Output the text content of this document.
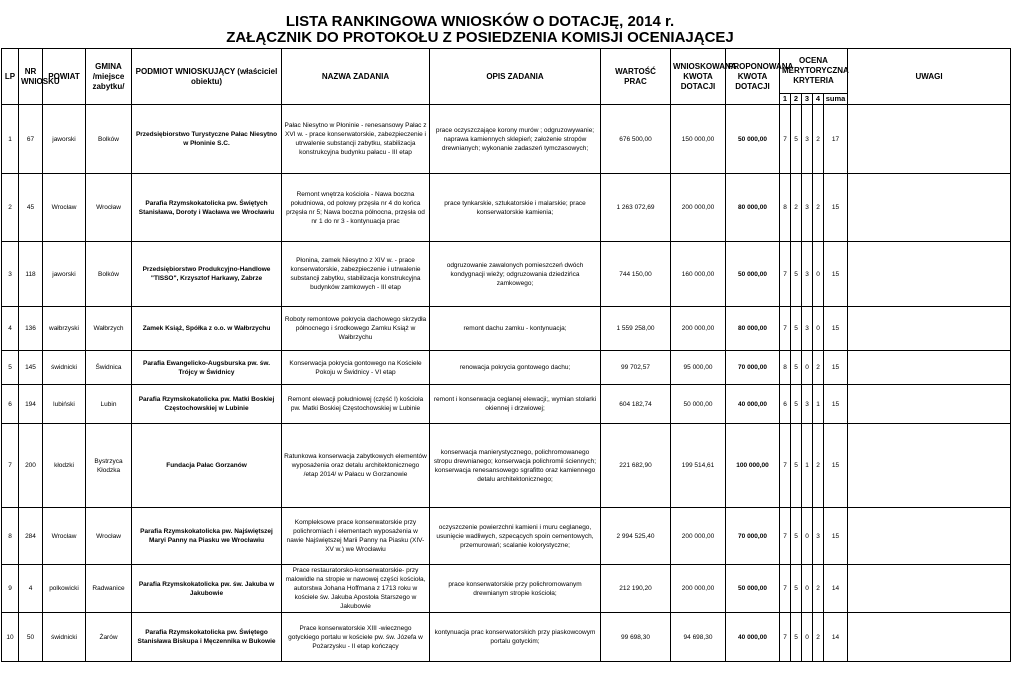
LISTA RANKINGOWA WNIOSKÓW O DOTACJĘ, 2014 r.
ZAŁĄCZNIK DO PROTOKOŁU Z POSIEDZENIA KOMISJI OCENIAJĄCEJ
LP	NR WNIOSKU	POWIAT	GMINA /miejsce zabytku/	PODMIOT WNIOSKUJĄCY (właściciel obiektu)	NAZWA ZADANIA	OPIS ZADANIA	WARTOŚĆ PRAC	WNIOSKOWANA KWOTA DOTACJI	PROPONOWANA KWOTA DOTACJI	OCENA MERYTORYCZNA KRYTERIA					UWAGI
										1	2	3	4	suma	
1	67	jaworski	Bolków	Przedsiębiorstwo Turystyczne Pałac Niesytno w Płoninie S.C.	Pałac Niesytno w Płoninie - renesansowy Pałac z XVI w. - prace konserwatorskie, zabezpieczenie i utrwalenie substancji zabytku, stabilizacja konstrukcyjna budynku pałacu - III etap	prace oczyszczające korony murów ; odgruzowywanie; naprawa kamiennych sklepień; założenie stropów drewnianych; wykonanie zadaszeń tymczasowych;	676 500,00	150 000,00	50 000,00	7	5	3	2	17	
2	45	Wrocław	Wrocław	Parafia Rzymskokatolicka pw. Świętych Stanisława, Doroty i Wacława we Wrocławiu	Remont wnętrza kościoła - Nawa boczna południowa, od połowy przęsła nr 4 do końca przęsła nr 5; Nawa boczna północna, przęsła od nr 1 do nr 3 - kontynuacja prac	prace tynkarskie, sztukatorskie i malarskie; prace konserwatorskie kamienia;	1 263 072,69	200 000,00	80 000,00	8	2	3	2	15	
3	118	jaworski	Bolków	Przedsiębiorstwo Produkcyjno-Handlowe "TISSO", Krzysztof Harkawy, Zabrze	Płonina, zamek Niesytno z XIV w. - prace konserwatorskie, zabezpieczenie i utrwalenie substancji zabytku, stabilizacja konstrukcyjna budynków zamkowych - III etap	odgruzowanie zawalonych pomieszczeń dwóch kondygnacji wieży; odgruzowania dziedzińca zamkowego;	744 150,00	160 000,00	50 000,00	7	5	3	0	15	
4	136	wałbrzyski	Wałbrzych	Zamek Książ, Spółka z o.o. w Wałbrzychu	Roboty remontowe pokrycia dachowego skrzydła północnego i środkowego Zamku Książ w Wałbrzychu	remont dachu zamku - kontynuacja;	1 559 258,00	200 000,00	80 000,00	7	5	3	0	15	
5	145	świdnicki	Świdnica	Parafia Ewangelicko-Augsburska pw. św. Trójcy w Świdnicy	Konserwacja pokrycia gontowego na Kościele Pokoju w Świdnicy - VI etap	renowacja pokrycia gontowego dachu;	99 702,57	95 000,00	70 000,00	8	5	0	2	15	
6	194	lubiński	Lubin	Parafia Rzymskokatolicka pw. Matki Boskiej Częstochowskiej w Lubinie	Remont elewacji południowej (część I) kościoła pw. Matki Boskiej Częstochowskiej w Lubinie	remont i konserwacja ceglanej elewacji;, wymian stolarki okiennej i drzwiowej;	604 182,74	50 000,00	40 000,00	6	5	3	1	15	
7	200	kłodzki	Bystrzyca Kłodzka	Fundacja Pałac Gorzanów	Ratunkowa konserwacja zabytkowych elementów wyposażenia oraz detalu architektonicznego /etap 2014/ w Pałacu w Gorzanowie	konserwacja manierystycznego, polichromowanego stropu drewnianego; konserwacja polichromii ściennych; konserwacja renesansowego sgrafitto oraz kamiennego detalu architektonicznego;	221 682,90	199 514,61	100 000,00	7	5	1	2	15	
8	284	Wrocław	Wrocław	Parafia Rzymskokatolicka pw. Najświętszej Maryi Panny na Piasku we Wrocławiu	Kompleksowe prace konserwatorskie przy polichromiach i elementach wyposażenia w nawie Najświętszej Marii Panny na Piasku (XIV-XV w.) we Wrocławiu	oczyszczenie powierzchni kamieni i muru ceglanego, usunięcie wadliwych, szpecących spoin cementowych, przemurowań; scalanie kolorystyczne;	2 994 525,40	200 000,00	70 000,00	7	5	0	3	15	
9	4	polkowicki	Radwanice	Parafia Rzymskokatolicka pw. św. Jakuba w Jakubowie	Prace restauratorsko-konserwatorskie- przy malowidle na stropie w nawowej części kościoła, autorstwa Johana Hoffmana z 1713 roku w kościele św. Jakuba Apostoła Starszego w Jakubowie	prace konserwatorskie przy polichromowanym drewnianym stropie kościoła;	212 190,20	200 000,00	50 000,00	7	5	0	2	14	
10	50	świdnicki	Żarów	Parafia Rzymskokatolicka pw. Świętego Stanisława Biskupa i Męczennika w Bukowie	Prace konserwatorskie XIII -wiecznego gotyckiego portalu w kościele pw. św. Józefa w Pożarzysku - II etap kończący	kontynuacja prac konserwatorskich przy piaskowcowym portalu gotyckim;	99 698,30	94 698,30	40 000,00	7	5	0	2	14	
